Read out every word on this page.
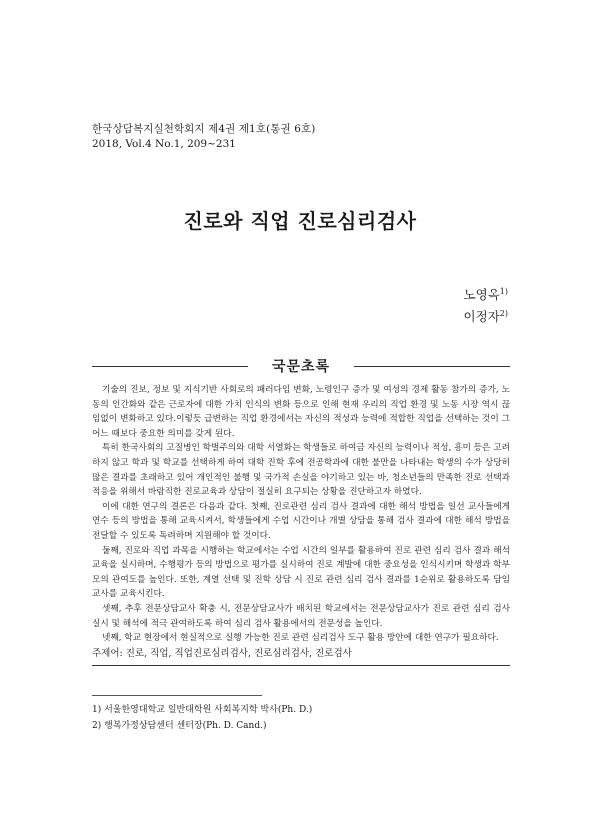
한국상담복지실천학회지 제4권 제1호(통권 6호)
2018, Vol.4 No.1, 209~231
진로와 직업 진로심리검사
노영옥$^{1)}$
이정자$^{2)}$
국문초록

기술의 진보, 정보 및 지식기반 사회로의 패러다임 변화, 노령인구 증가 및 여성의 경제 활동 참가의 증가, 노동의 인간화와 같은 근로자에 대한 가치 인식의 변화 등으로 인해 현재 우리의 직업 환경 및 노동 시장 역시 끊임없이 변화하고 있다.이렇듯 급변하는 직업 환경에서는 자신의 적성과 능력에 적합한 직업을 선택하는 것이 그 어느 때보다 중요한 의미를 갖게 된다.

특히 한국사회의 고질병인 학벌주의와 대학 서열화는 학생들로 하여금 자신의 능력이나 적성, 흥미 등은 고려하지 않고 학과 및 학교를 선택하게 하여 대학 진학 후에 전공학과에 대한 불만을 나타내는 학생의 수가 상당히 많은 결과를 초래하고 있어 개인적인 불행 및 국가적 손실을 야기하고 있는 바, 청소년들의 만족한 진로 선택과 적응을 위해서 바람직한 진로교육과 상담이 절실히 요구되는 상황을 진단하고자 하였다.

이에 대한 연구의 결론은 다음과 같다. 첫째, 진로관련 심리 검사 결과에 대한 해석 방법을 일선 교사들에게 연수 등의 방법을 통해 교육시켜서, 학생들에게 수업 시간이나 개별 상담을 통해 검사 결과에 대한 해석 방법을 전달할 수 있도록 독려하며 지원해야 할 것이다.

둘째, 진로와 직업 과목을 시행하는 학교에서는 수업 시간의 일부를 활용하여 진로 관련 심리 검사 결과 해석 교육을 실시하며, 수행평가 등의 방법으로 평가를 실시하여 진로 계발에 대한 중요성을 인식시키며 학생과 학부모의 관여도를 높인다. 또한, 계열 선택 및 진학 상담 시 진로 관련 심리 검사 결과를 1순위로 활용하도록 담임교사를 교육시킨다.

셋째, 추후 전문상담교사 확충 시, 전문상담교사가 배치된 학교에서는 전문상담교사가 진로 관련 심리 검사 실시 및 해석에 적극 관여하도록 하여 심리 검사 활용에서의 전문성을 높인다.

넷째, 학교 현장에서 현실적으로 실행 가능한 진로 관련 심리검사 도구 활용 방안에 대한 연구가 필요하다.

주제어: 진로, 직업, 직업진로심리검사, 진로심리검사, 진로검사
1) 서울한영대학교 일반대학원 사회복지학 박사(Ph. D.)
2) 행복가정상담센터 센터장(Ph. D. Cand.)
